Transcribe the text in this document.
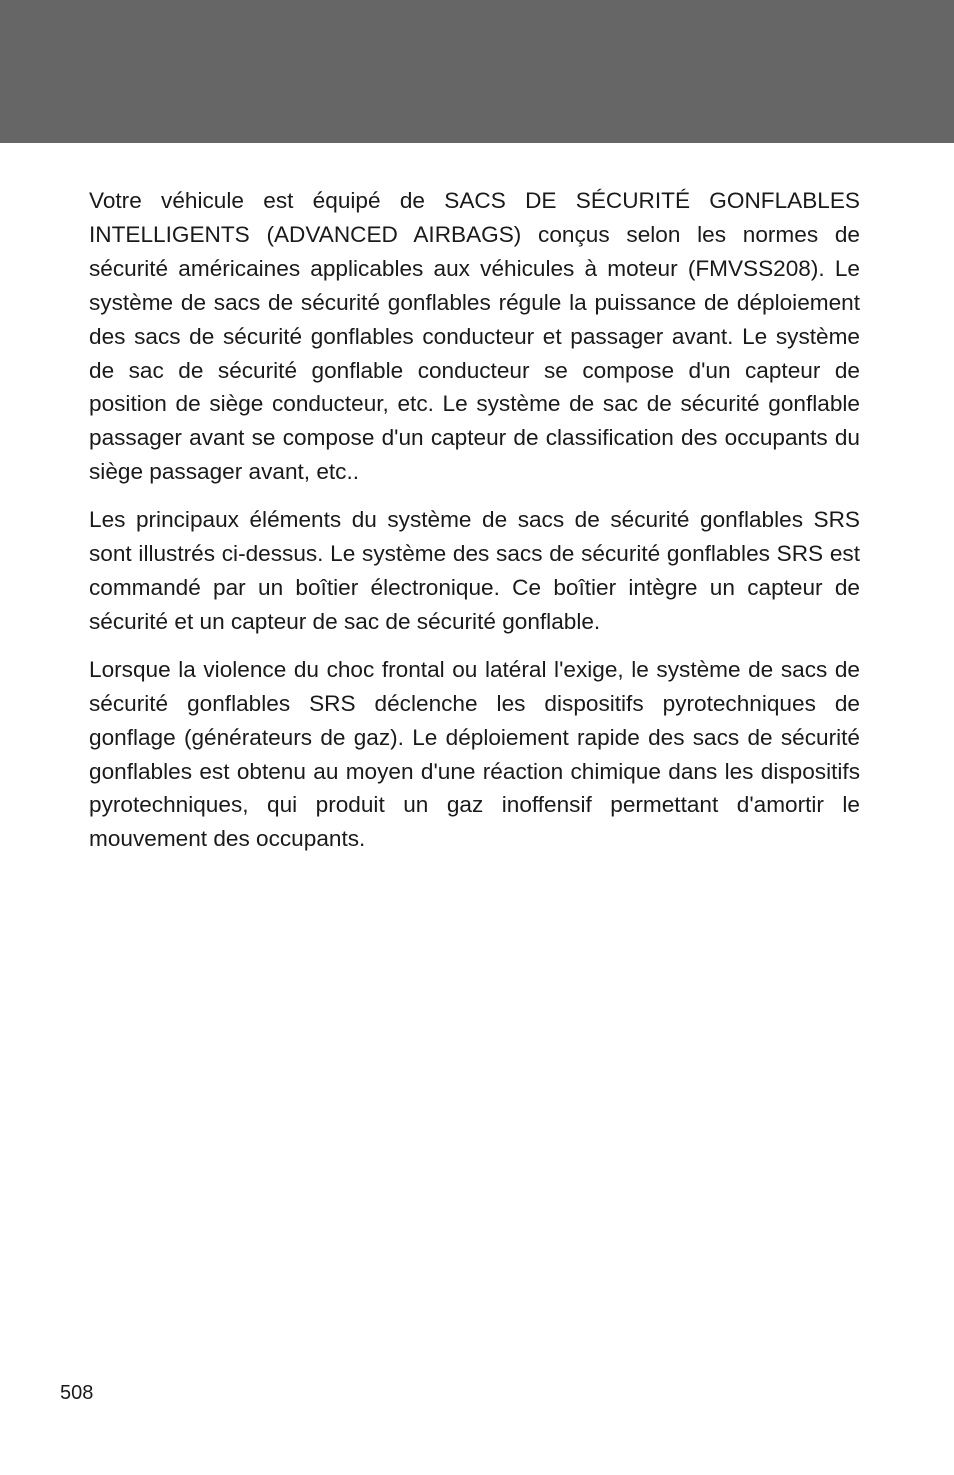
Votre véhicule est équipé de SACS DE SÉCURITÉ GONFLABLES INTELLIGENTS (ADVANCED AIRBAGS) conçus selon les normes de sécurité américaines applicables aux véhicules à moteur (FMVSS208). Le système de sacs de sécurité gonflables régule la puissance de déploiement des sacs de sécurité gonflables conducteur et passager avant. Le système de sac de sécurité gonflable conducteur se compose d'un capteur de position de siège conducteur, etc. Le système de sac de sécurité gonflable passager avant se compose d'un capteur de classification des occupants du siège passager avant, etc..

Les principaux éléments du système de sacs de sécurité gonflables SRS sont illustrés ci-dessus. Le système des sacs de sécurité gonflables SRS est commandé par un boîtier électronique. Ce boîtier intègre un capteur de sécurité et un capteur de sac de sécurité gonflable.

Lorsque la violence du choc frontal ou latéral l'exige, le système de sacs de sécurité gonflables SRS déclenche les dispositifs pyrotechniques de gonflage (générateurs de gaz). Le déploiement rapide des sacs de sécurité gonflables est obtenu au moyen d'une réaction chimique dans les dispositifs pyrotechniques, qui produit un gaz inoffensif permettant d'amortir le mouvement des occupants.

508
